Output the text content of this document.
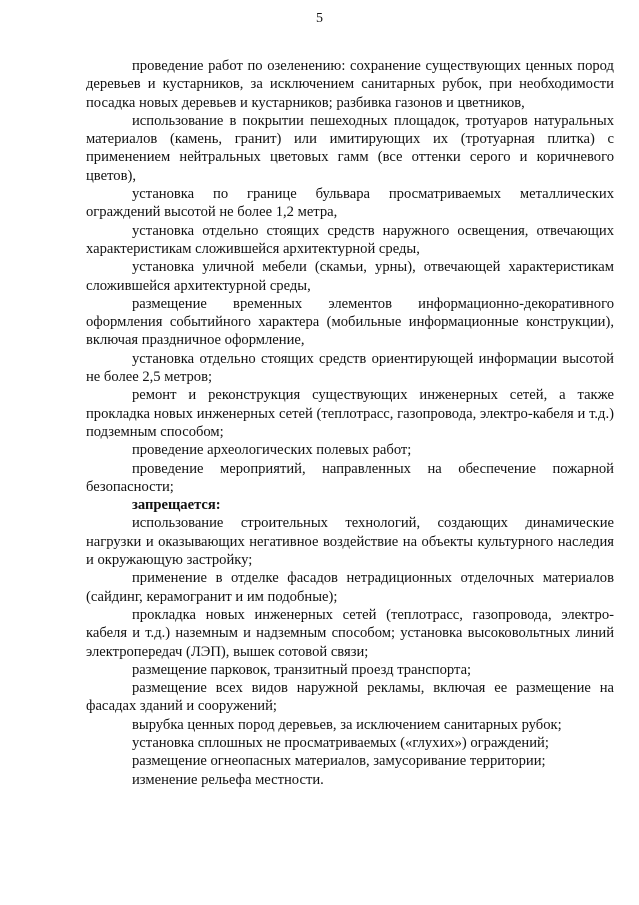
5

проведение работ по озеленению: сохранение существующих ценных пород деревьев и кустарников, за исключением санитарных рубок, при необходимости посадка новых деревьев и кустарников; разбивка газонов и цветников,

использование в покрытии пешеходных площадок, тротуаров натуральных материалов (камень, гранит) или имитирующих их (тротуарная плитка) с применением нейтральных цветовых гамм (все оттенки серого и коричневого цветов),

установка по границе бульвара просматриваемых металлических ограждений высотой не более 1,2 метра,

установка отдельно стоящих средств наружного освещения, отвечающих характеристикам сложившейся архитектурной среды,

установка уличной мебели (скамьи, урны), отвечающей характеристикам сложившейся архитектурной среды,

размещение временных элементов информационно-декоративного оформления событийного характера (мобильные информационные конструкции), включая праздничное оформление,

установка отдельно стоящих средств ориентирующей информации высотой не более 2,5 метров;

ремонт и реконструкция существующих инженерных сетей, а также прокладка новых инженерных сетей (теплотрасс, газопровода, электро-кабеля и т.д.) подземным способом;

проведение археологических полевых работ;

проведение мероприятий, направленных на обеспечение пожарной безопасности;

запрещается:

использование строительных технологий, создающих динамические нагрузки и оказывающих негативное воздействие на объекты культурного наследия и окружающую застройку;

применение в отделке фасадов нетрадиционных отделочных материалов (сайдинг, керамогранит и им подобные);

прокладка новых инженерных сетей (теплотрасс, газопровода, электро-кабеля и т.д.) наземным и надземным способом; установка высоковольтных линий электропередач (ЛЭП), вышек сотовой связи;

размещение парковок, транзитный проезд транспорта;

размещение всех видов наружной рекламы, включая ее размещение на фасадах зданий и сооружений;

вырубка ценных пород деревьев, за исключением санитарных рубок;

установка сплошных не просматриваемых («глухих») ограждений;

размещение огнеопасных материалов, замусоривание территории;

изменение рельефа местности.
